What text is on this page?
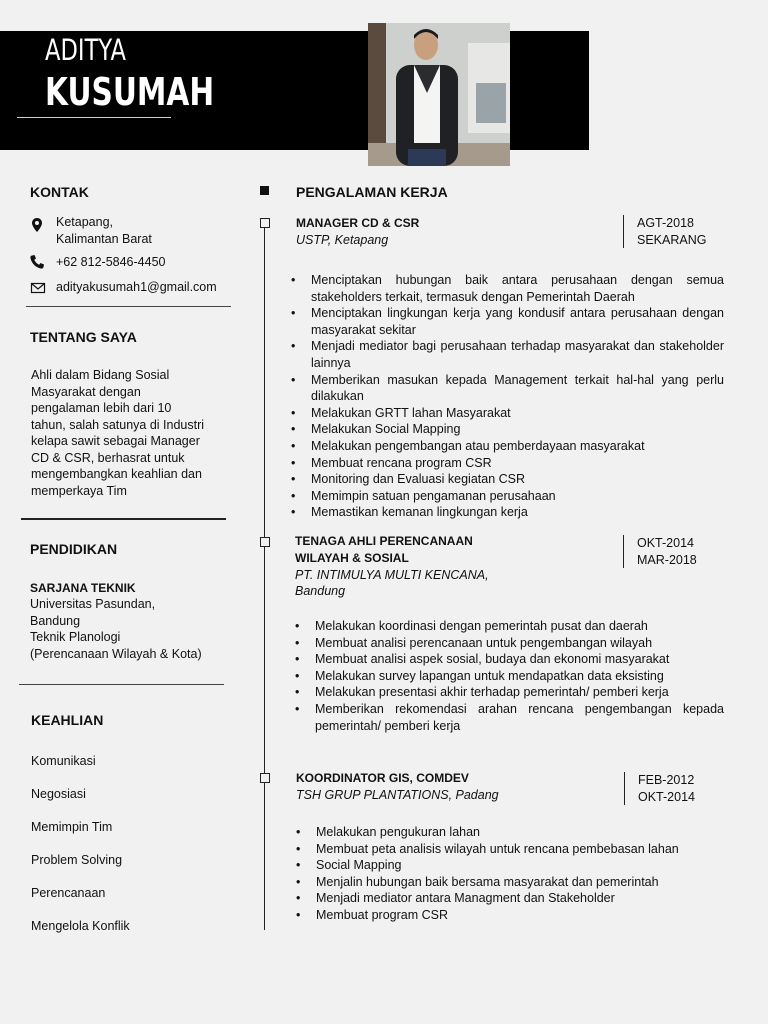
ADITYA
KUSUMAH
KONTAK
Ketapang,
Kalimantan Barat
+62 812-5846-4450
adityakusumah1@gmail.com
TENTANG SAYA
Ahli dalam Bidang Sosial
Masyarakat dengan
pengalaman lebih dari 10
tahun, salah satunya di Industri
kelapa sawit sebagai Manager
CD & CSR, berhasrat untuk
mengembangkan keahlian dan
memperkaya Tim
PENDIDIKAN
SARJANA TEKNIK
Universitas Pasundan,
Bandung
Teknik Planologi
(Perencanaan Wilayah & Kota)
KEAHLIAN
Komunikasi
Negosiasi
Memimpin Tim
Problem Solving
Perencanaan
Mengelola Konflik
PENGALAMAN KERJA
MANAGER CD & CSR
USTP, Ketapang
AGT-2018
SEKARANG
• Menciptakan hubungan baik antara perusahaan dengan semua stakeholders terkait, termasuk dengan Pemerintah Daerah
• Menciptakan lingkungan kerja yang kondusif antara perusahaan dengan masyarakat sekitar
• Menjadi mediator bagi perusahaan terhadap masyarakat dan stakeholder lainnya
• Memberikan masukan kepada Management terkait hal-hal yang perlu dilakukan
• Melakukan GRTT lahan Masyarakat
• Melakukan Social Mapping
• Melakukan pengembangan atau pemberdayaan masyarakat
• Membuat rencana program CSR
• Monitoring dan Evaluasi kegiatan CSR
• Memimpin satuan pengamanan perusahaan
• Memastikan kemanan lingkungan kerja
TENAGA AHLI PERENCANAAN
WILAYAH & SOSIAL
PT. INTIMULYA MULTI KENCANA,
Bandung
OKT-2014
MAR-2018
• Melakukan koordinasi dengan pemerintah pusat dan daerah
• Membuat analisi perencanaan untuk pengembangan wilayah
• Membuat analisi aspek sosial, budaya dan ekonomi masyarakat
• Melakukan survey lapangan untuk mendapatkan data eksisting
• Melakukan presentasi akhir terhadap pemerintah/ pemberi kerja
• Memberikan rekomendasi arahan rencana pengembangan kepada pemerintah/ pemberi kerja
KOORDINATOR GIS, COMDEV
TSH GRUP PLANTATIONS, Padang
FEB-2012
OKT-2014
• Melakukan pengukuran lahan
• Membuat peta analisis wilayah untuk rencana pembebasan lahan
• Social Mapping
• Menjalin hubungan baik bersama masyarakat dan pemerintah
• Menjadi mediator antara Managment dan Stakeholder
• Membuat program CSR
